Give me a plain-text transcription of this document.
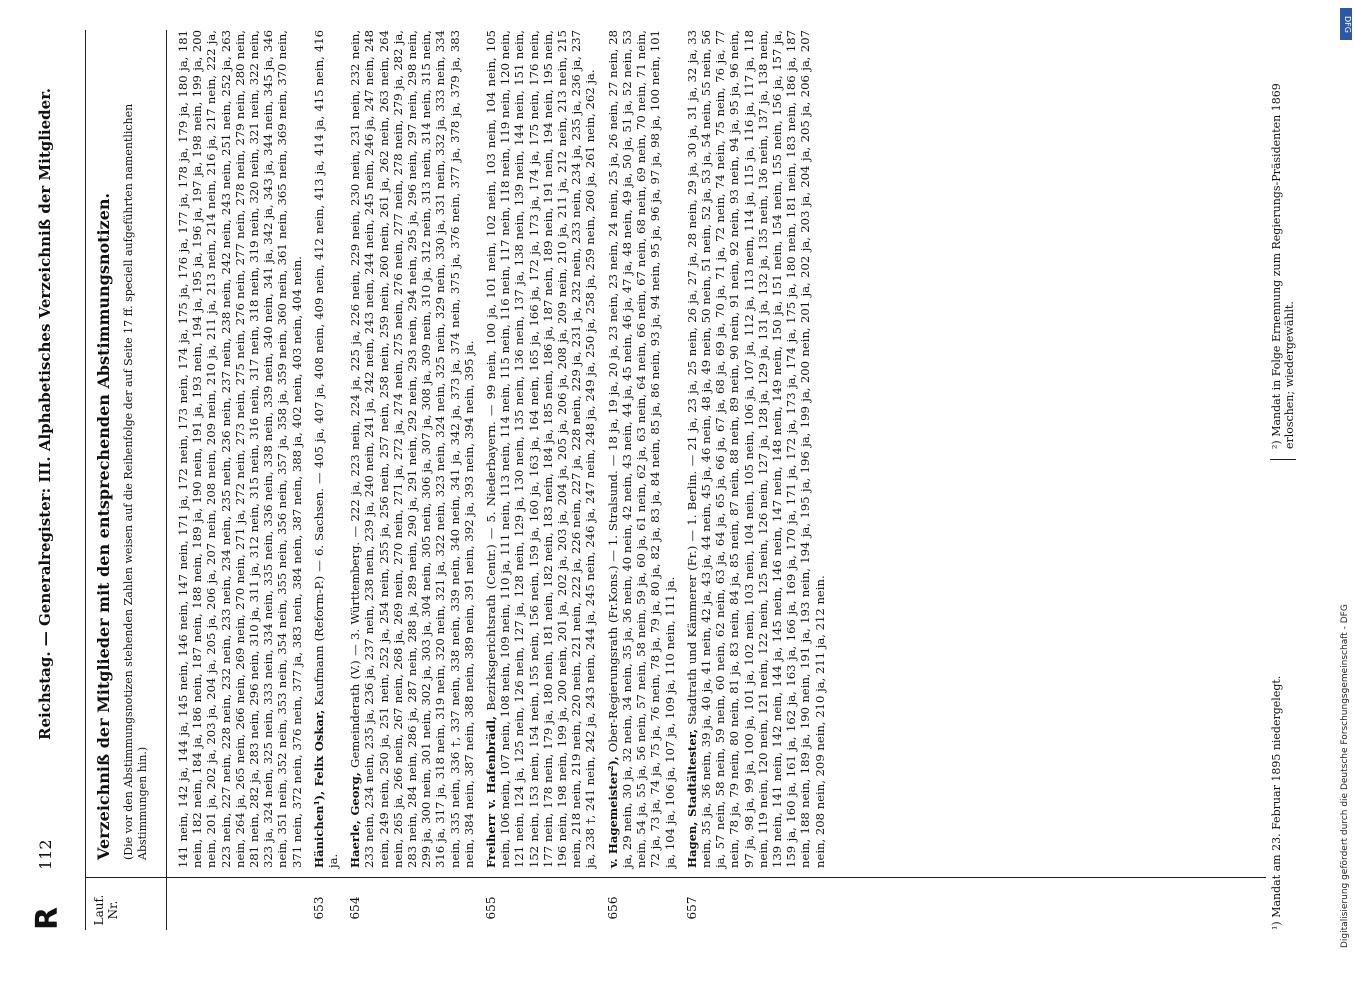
R
112
Reichstag. — Generalregister: III. Alphabetisches Verzeichniß der Mitglieder.
Lauf. Nr.
Verzeichniß der Mitglieder mit den entsprechenden Abstimmungsnotizen. (Die vor den Abstimmungsnotizen stehenden Zahlen weisen auf die Reihenfolge der auf Seite 17 ff. speciell aufgeführten namentlichen Abstimmungen hin.) 141 nein, 142 ja, 144 ja, 145 nein, 146 nein, 147 nein, 171 ja, 172 nein, 173 nein, 174 ja, 175 ja, 176 ja, 177 ja, 178 ja, 179 ja, 180 ja, 181 nein, 182 nein, 184 ja, 186 nein, 187 nein, 188 nein, 189 ja, 190 nein, 191 ja, 193 nein, 194 ja, 195 ja, 196 ja, 197 ja, 198 nein, 199 ja, 200 nein, 201 ja, 202 ja, 203 ja, 204 ja, 205 ja, 206 ja, 207 nein, 208 nein, 209 nein, 210 ja, 211 ja, 213 nein, 214 nein, 216 ja, 217 nein, 222 ja, 223 nein, 227 nein, 228 nein, 232 nein, 233 nein, 234 nein, 235 nein, 236 nein, 237 nein, 238 nein, 242 nein, 243 nein, 251 nein, 252 ja, 263 nein, 264 ja, 265 nein, 266 nein, 269 nein, 270 nein, 271 ja, 272 nein, 273 nein, 275 nein, 276 nein, 277 nein, 278 nein, 279 nein, 280 nein, 281 nein, 282 ja, 283 nein, 296 nein, 310 ja, 311 ja, 312 nein, 315 nein, 316 nein, 317 nein, 318 nein, 319 nein, 320 nein, 321 nein, 322 nein, 323 ja, 324 nein, 325 nein, 333 nein, 334 nein, 335 nein, 336 nein, 338 nein, 339 nein, 340 nein, 341 ja, 342 ja, 343 ja, 344 nein, 345 ja, 346 nein, 351 nein, 352 nein, 353 nein, 354 nein, 355 nein, 356 nein, 357 ja, 358 ja, 359 nein, 360 nein, 361 nein, 365 nein, 369 nein, 370 nein, 371 nein, 372 nein, 376 nein, 377 ja, 383 nein, 384 nein, 387 nein, 388 ja, 402 nein, 403 nein, 404 nein.
653
Hänichen¹), Felix Oskar, Kaufmann (Reform-P.) — 6. Sachsen. — 405 ja, 407 ja, 408 nein, 409 nein, 412 nein, 413 ja, 414 ja, 415 nein, 416 ja.
654
Haerle, Georg, Gemeinderath (V.) — 3. Württemberg. — 222 ja, 223 nein, 224 ja, 225 ja, 226 nein, 229 nein, 230 nein, 231 nein, 232 nein, 233 nein, 234 nein, 235 ja, 236 ja, 237 nein, 238 nein, 239 ja, 240 nein, 241 ja, 242 nein, 243 nein, 244 nein, 245 nein, 246 ja, 247 nein, 248 nein, 249 nein, 250 ja, 251 nein, 252 ja, 254 nein, 255 ja, 256 nein, 257 nein, 258 nein, 259 nein, 260 nein, 261 ja, 262 nein, 263 nein, 264 nein, 265 ja, 266 nein, 267 nein, 268 ja, 269 nein, 270 nein, 271 ja, 272 ja, 274 nein, 275 nein, 276 nein, 277 nein, 278 nein, 279 ja, 282 ja, 283 nein, 284 nein, 286 ja, 287 nein, 288 ja, 289 nein, 290 ja, 291 nein, 292 nein, 293 nein, 294 nein, 295 ja, 296 nein, 297 nein, 298 nein, 299 ja, 300 nein, 301 nein, 302 ja, 303 ja, 304 nein, 305 nein, 306 ja, 307 ja, 308 ja, 309 nein, 310 ja, 312 nein, 313 nein, 314 nein, 315 nein, 316 ja, 317 ja, 318 nein, 319 nein, 320 nein, 321 ja, 322 nein, 323 nein, 324 nein, 325 nein, 329 nein, 330 ja, 331 nein, 332 ja, 333 nein, 334 nein, 335 nein, 336 †, 337 nein, 338 nein, 339 nein, 340 nein, 341 ja, 342 ja, 373 ja, 374 nein, 375 ja, 376 nein, 377 ja, 378 ja, 379 ja, 383 nein, 384 nein, 387 nein, 388 nein, 389 nein, 391 nein, 392 ja, 393 nein, 394 nein, 395 ja.
655
Freiherr v. Hafenbrädl, Bezirksgerichtsrath (Centr.) — 5. Niederbayern. — 99 nein, 100 ja, 101 nein, 102 nein, 103 nein, 104 nein, 105 nein, 106 nein, 107 nein, 108 nein, 109 nein, 110 ja, 111 nein, 113 nein, 114 nein, 115 nein, 116 nein, 117 nein, 118 nein, 119 nein, 120 nein, 121 nein, 124 ja, 125 nein, 126 nein, 127 ja, 128 nein, 129 ja, 130 nein, 135 nein, 136 nein, 137 ja, 138 nein, 139 nein, 144 nein, 151 nein, 152 nein, 153 nein, 154 nein, 155 nein, 156 nein, 159 ja, 160 ja, 163 ja, 164 nein, 165 ja, 166 ja, 172 ja, 173 ja, 174 ja, 175 nein, 176 nein, 177 nein, 178 nein, 179 ja, 180 nein, 181 nein, 182 nein, 183 nein, 184 ja, 185 nein, 186 ja, 187 nein, 189 nein, 191 nein, 194 nein, 195 nein, 196 nein, 198 nein, 199 ja, 200 nein, 201 ja, 202 ja, 203 ja, 204 ja, 205 ja, 206 ja, 208 ja, 209 nein, 210 ja, 211 ja, 212 nein, 213 nein, 215 nein, 218 nein, 219 nein, 220 nein, 221 nein, 222 ja, 226 nein, 227 ja, 228 nein, 229 ja, 231 ja, 232 nein, 233 nein, 234 ja, 235 ja, 236 ja, 237 ja, 238 †, 241 nein, 242 ja, 243 nein, 244 ja, 245 nein, 246 ja, 247 nein, 248 ja, 249 ja, 250 ja, 258 ja, 259 nein, 260 ja, 261 nein, 262 ja.
656
v. Hagemeister²), Ober-Regierungsrath (Fr.Kons.) — 1. Stralsund. — 18 ja, 19 ja, 20 ja, 23 nein, 23 nein, 24 nein, 25 ja, 26 nein, 27 nein, 28 ja, 29 nein, 30 ja, 32 nein, 34 nein, 35 ja, 36 nein, 40 nein, 42 nein, 43 nein, 44 ja, 45 nein, 46 ja, 47 ja, 48 nein, 49 ja, 50 ja, 51 ja, 52 nein, 53 nein, 54 ja, 55 ja, 56 nein, 57 nein, 58 nein, 59 ja, 60 ja, 61 nein, 62 ja, 63 nein, 64 nein, 66 nein, 67 nein, 68 nein, 69 nein, 70 nein, 71 nein, 72 ja, 73 ja, 74 ja, 75 ja, 76 nein, 78 ja, 79 ja, 80 ja, 82 ja, 83 ja, 84 nein, 85 ja, 86 nein, 93 ja, 94 nein, 95 ja, 96 ja, 97 ja, 98 ja, 100 nein, 101 ja, 104 ja, 106 ja, 107 ja, 109 ja, 110 nein, 111 ja.
657
Hagen, Stadtältester, Stadtrath und Kämmerer (Fr.) — 1. Berlin. — 21 ja, 23 ja, 25 nein, 26 ja, 27 ja, 28 nein, 29 ja, 30 ja, 31 ja, 32 ja, 33 nein, 35 ja, 36 nein, 39 ja, 40 ja, 41 nein, 42 ja, 43 ja, 44 nein, 45 ja, 46 nein, 48 ja, 49 nein, 50 nein, 51 nein, 52 ja, 53 ja, 54 nein, 55 nein, 56 ja, 57 nein, 58 nein, 59 nein, 60 nein, 62 nein, 63 ja, 64 ja, 65 ja, 66 ja, 67 ja, 68 ja, 69 ja, 70 ja, 71 ja, 72 nein, 74 nein, 75 nein, 76 ja, 77 nein, 78 ja, 79 nein, 80 nein, 81 ja, 83 nein, 84 ja, 85 nein, 87 nein, 88 nein, 89 nein, 90 nein, 91 nein, 92 nein, 93 nein, 94 ja, 95 ja, 96 nein, 97 ja, 98 ja, 99 ja, 100 ja, 101 ja, 102 nein, 103 nein, 104 nein, 105 nein, 106 ja, 107 ja, 112 ja, 113 nein, 114 ja, 115 ja, 116 ja, 117 ja, 118 nein, 119 nein, 120 nein, 121 nein, 122 nein, 125 nein, 126 nein, 127 ja, 128 ja, 129 ja, 131 ja, 132 ja, 135 nein, 136 nein, 137 ja, 138 nein, 139 nein, 141 nein, 142 nein, 144 ja, 145 nein, 146 nein, 147 nein, 148 nein, 149 nein, 150 ja, 151 nein, 154 nein, 155 nein, 156 ja, 157 ja, 159 ja, 160 ja, 161 ja, 162 ja, 163 ja, 166 ja, 169 ja, 170 ja, 171 ja, 172 ja, 173 ja, 174 ja, 175 ja, 180 nein, 181 nein, 183 nein, 186 ja, 187 nein, 188 nein, 189 ja, 190 nein, 191 ja, 193 nein, 194 ja, 195 ja, 196 ja, 199 ja, 200 nein, 201 ja, 202 ja, 203 ja, 204 ja, 205 ja, 206 ja, 207 nein, 208 nein, 209 nein, 210 ja, 211 ja, 212 nein.	¹) Mandat am 23. Februar 1895 niedergelegt.
²) Mandat in Folge Ernennung zum Regierungs-Präsidenten 1869 erloschen; wiedergewählt.
DFG
Digitalisierung gefördert durch die Deutsche Forschungsgemeinschaft - DFG
